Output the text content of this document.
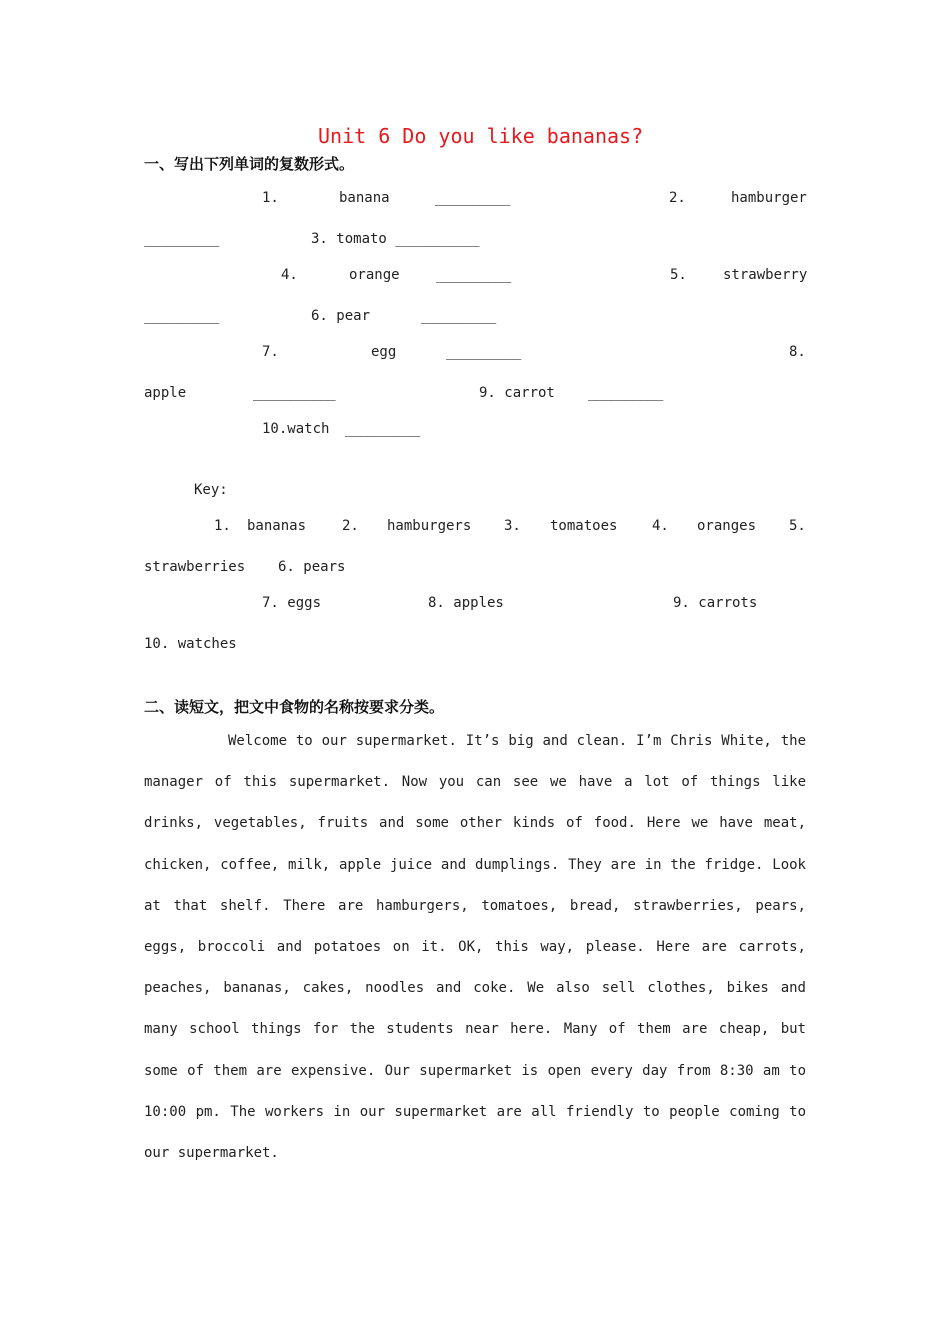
Unit 6 Do you like bananas?
一、写出下列单词的复数形式。
1.	banana	__________	2.	hamburger
__________	3. tomato __________
4.	orange	__________	5.	strawberry
__________	6. pear	__________
7.	egg	__________	8.
apple	___________	9. carrot __________
10.watch __________
Key:
1. bananas	2. hamburgers 3. tomatoes 4. oranges 5.
strawberries 6. pears
7. eggs	8. apples	9. carrots
10. watches
二、读短文，把文中食物的名称按要求分类。
Welcome to our supermarket. It’s big and clean. I’m Chris White, the manager of this supermarket. Now you can see we have a lot of things like drinks, vegetables, fruits and some other kinds of food. Here we have meat, chicken, coffee, milk, apple juice and dumplings. They are in the fridge. Look at that shelf. There are hamburgers, tomatoes, bread, strawberries, pears, eggs, broccoli and potatoes on it. OK, this way, please. Here are carrots, peaches, bananas, cakes, noodles and coke. We also sell clothes, bikes and many school things for the students near here. Many of them are cheap, but some of them are expensive. Our supermarket is open every day from 8:30 am to 10:00 pm. The workers in our supermarket are all friendly to people coming to our supermarket.
